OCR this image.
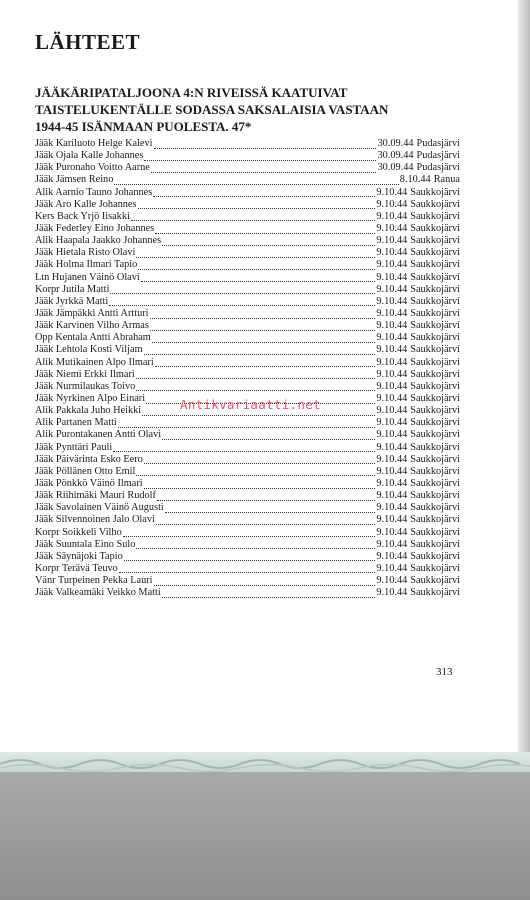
LÄHTEET
JÄÄKÄRIPATALJOONA 4:N RIVEISSÄ KAATUIVAT
TAISTELUKENTÄLLE SODASSA SAKSALAISIA VASTAAN
1944-45 ISÄNMAAN PUOLESTA. 47*
Jääk Kariluoto Helge Kalevi	30.09.44 Pudasjärvi
Jääk Ojala Kalle Johannes	30.09.44 Pudasjärvi
Jääk Puronaho Voitto Aarne	30.09.44 Pudasjärvi
Jääk Jämsen Reino	8.10.44 Ranua
Alik Aarnio Tauno Johannes	9.10.44 Saukkojärvi
Jääk Aro Kalle Johannes	9.10.44 Saukkojärvi
Kers Back Yrjö Iisakki	9.10.44 Saukkojärvi
Jääk Federley Eino Johannes	9.10.44 Saukkojärvi
Alik Haapala Jaakko Johannes	9.10.44 Saukkojärvi
Jääk Hietala Risto Olavi	9.10.44 Saukkojärvi
Jääk Holma Ilmari Tapio	9.10.44 Saukkojärvi
Ltn Hujanen Väinö Olavi	9.10.44 Saukkojärvi
Korpr Jutila Matti	9.10.44 Saukkojärvi
Jääk Jyrkkä Matti	9.10.44 Saukkojärvi
Jääk Jämpäkki Antti Artturi	9.10.44 Saukkojärvi
Jääk Karvinen Vilho Armas	9.10.44 Saukkojärvi
Opp Kentala Antti Abraham	9.10.44 Saukkojärvi
Jääk Lehtola Kosti Viljam	9.10.44 Saukkojärvi
Alik Mutikainen Alpo Ilmari	9.10.44 Saukkojärvi
Jääk Niemi Erkki Ilmari	9.10.44 Saukkojärvi
Jääk Nurmilaukas Toivo	9.10.44 Saukkojärvi
Jääk Nyrkinen Alpo Einari	9.10.44 Saukkojärvi
Alik Pakkala Juho Heikki	9.10.44 Saukkojärvi
Alik Partanen Matti	9.10.44 Saukkojärvi
Alik Purontakanen Antti Olavi	9.10.44 Saukkojärvi
Jääk Pynttäri Pauli	9.10.44 Saukkojärvi
Jääk Päivärinta Esko Eero	9.10.44 Saukkojärvi
Jääk Pöllänen Otto Emil	9.10.44 Saukkojärvi
Jääk Pönkkö Väinö Ilmari	9.10.44 Saukkojärvi
Jääk Riihimäki Mauri Rudolf	9.10.44 Saukkojärvi
Jääk Savolainen Väinö Augusti	9.10.44 Saukkojärvi
Jääk Silvennoinen Jalo Olavi	9.10.44 Saukkojärvi
Korpr Soikkeli Vilho	9.10.44 Saukkojärvi
Jääk Suuntala Eino Sulo	9.10.44 Saukkojärvi
Jääk Säynäjoki Tapio	9.10.44 Saukkojärvi
Korpr Terävä Teuvo	9.10.44 Saukkojärvi
Vänr Turpeinen Pekka Lauri	9.10.44 Saukkojärvi
Jääk Valkeamäki Veikko Matti	9.10.44 Saukkojärvi
Antikvariaatti.net
313
